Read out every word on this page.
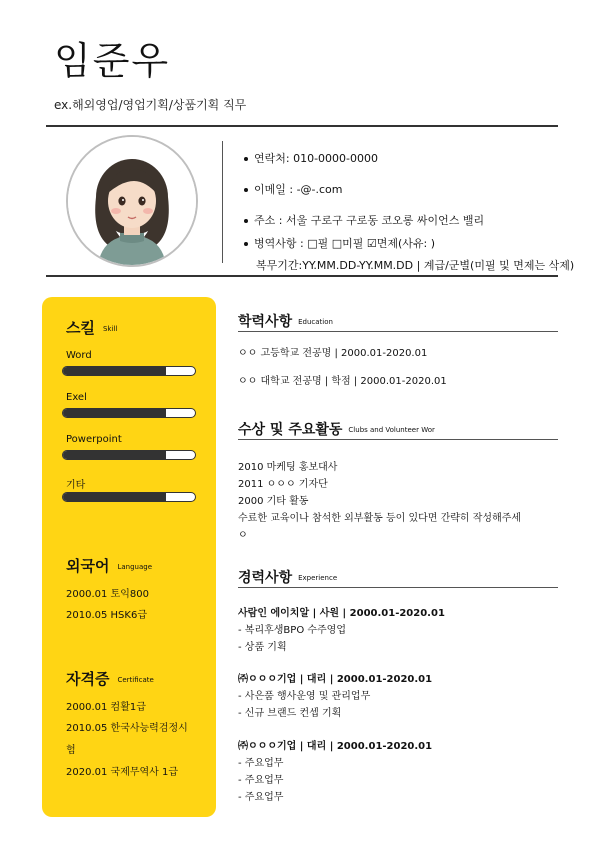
임준우
ex.해외영업/영업기획/상품기획 직무
연락처: 010-0000-0000
이메일 : -@-.com
주소 : 서울 구로구 구로동 코오롱 싸이언스 밸리
병역사항 : □필 □미필 ☑면제(사유: )
복무기간:YY.MM.DD-YY.MM.DD | 계급/군별(미필 및 면제는 삭제)
스킬 Skill
Word
Exel
Powerpoint
기타
외국어 Language
2000.01 토익800
2010.05 HSK6급
자격증 Certificate
2000.01 컴활1급
2010.05 한국사능력검정시
험
2020.01 국제무역사 1급
학력사항 Education
ㅇㅇ 고등학교 전공명 | 2000.01-2020.01
ㅇㅇ 대학교 전공명 | 학점 | 2000.01-2020.01
수상 및 주요활동 Clubs and Volunteer Wor
2010 마케팅 홍보대사
2011 ㅇㅇㅇ 기자단
2000 기타 활동
수료한 교육이나 참석한 외부활동 등이 있다면 간략히 작성해주세
ㅇ
경력사항 Experience
사람인 에이치알 | 사원 | 2000.01-2020.01
- 복리후생BPO 수주영업
- 상품 기획
㈜ㅇㅇㅇ기업 | 대리 | 2000.01-2020.01
- 사은품 행사운영 및 관리업무
- 신규 브랜드 컨셉 기획
㈜ㅇㅇㅇ기업 | 대리 | 2000.01-2020.01
- 주요업무
- 주요업무
- 주요업무
